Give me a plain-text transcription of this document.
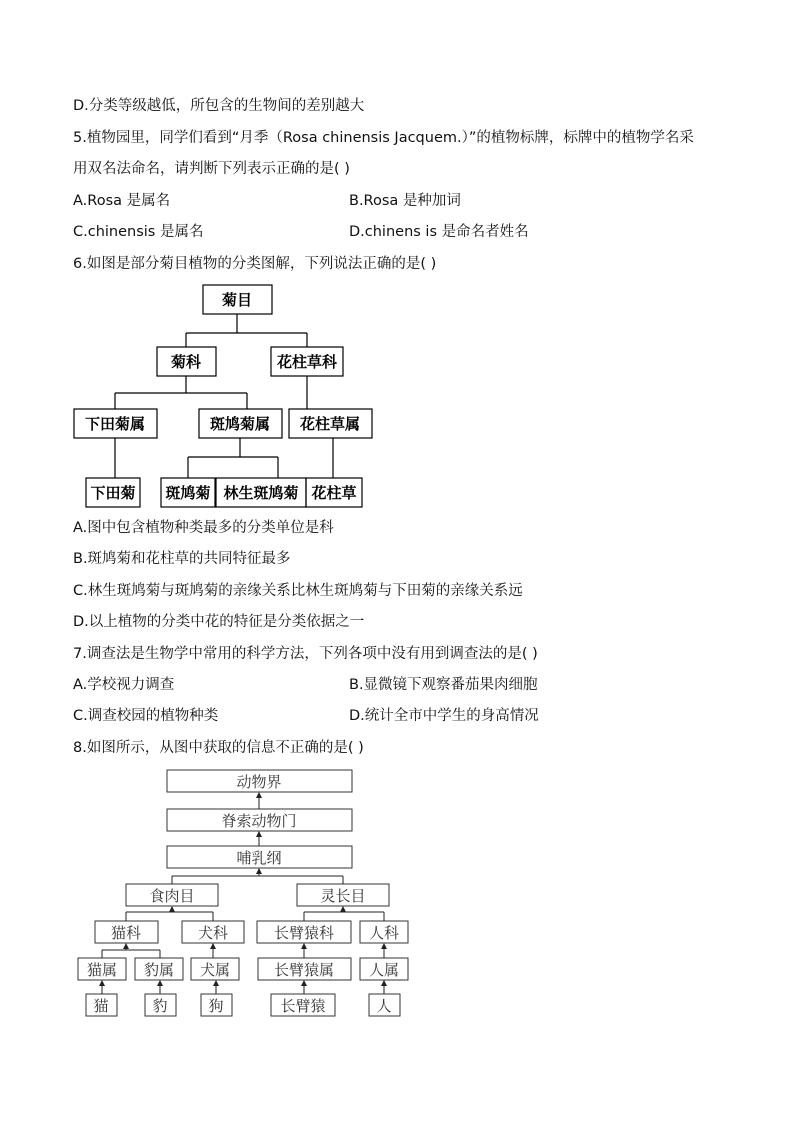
D.分类等级越低，所包含的生物间的差别越大
5.植物园里，同学们看到“月季（Rosa chinensis Jacquem.）”的植物标牌，标牌中的植物学名采
用双名法命名，请判断下列表示正确的是( )
A.Rosa 是属名	B.Rosa 是种加词
C.chinensis 是属名	D.chinens is 是命名者姓名
6.如图是部分菊目植物的分类图解，下列说法正确的是( )
菊目
菊科	花柱草科
下田菊属	斑鸠菊属 花柱草属
下田菊 斑鸠菊 林生斑鸠菊 花柱草
A.图中包含植物种类最多的分类单位是科
B.斑鸠菊和花柱草的共同特征最多
C.林生斑鸠菊与斑鸠菊的亲缘关系比林生斑鸠菊与下田菊的亲缘关系远
D.以上植物的分类中花的特征是分类依据之一
7.调查法是生物学中常用的科学方法，下列各项中没有用到调查法的是( )
A.学校视力调查	B.显微镜下观察番茄果肉细胞
C.调查校园的植物种类	D.统计全市中学生的身高情况
8.如图所示，从图中获取的信息不正确的是( )
动物界
脊索动物门
哺乳纲
食肉目	灵长目
猫科	犬科	长臂猿科 人科
猫属 豹属 犬属	长臂猿属 人属
猫	豹	狗	长臂猿	人
